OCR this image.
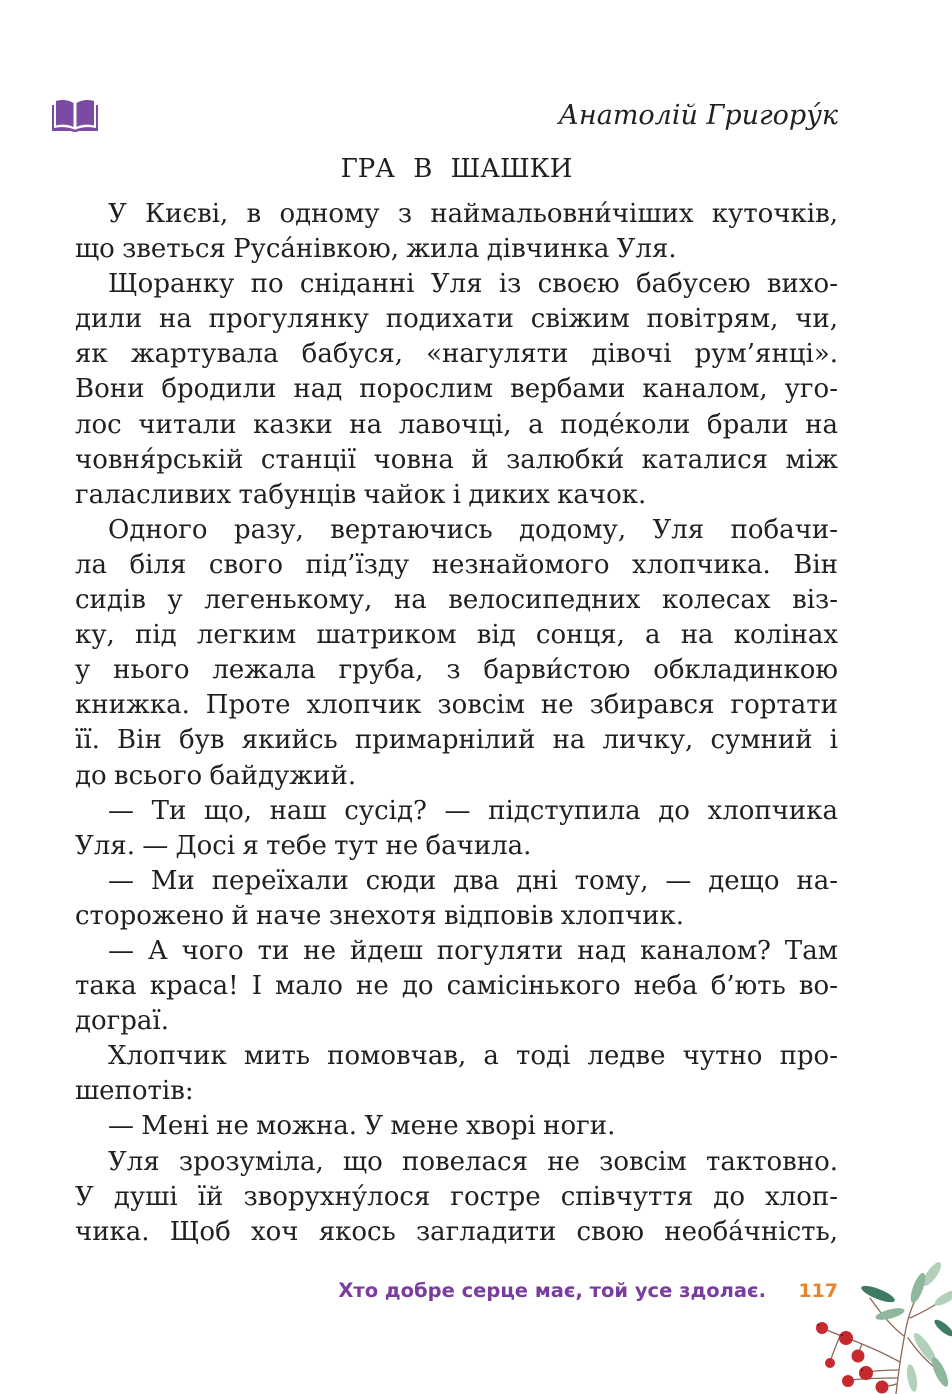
Анатолій Григору́к
ГРА В ШАШКИ
У Києві, в одному з наймальовни́чіших куточків,
що зветься Руса́нівкою, жила дівчинка Уля.
Щоранку по сніданні Уля із своєю бабусею вихо-
дили на прогулянку подихати свіжим повітрям, чи,
як жартувала бабуся, «нагуляти дівочі рум’янці».
Вони бродили над порослим вербами каналом, уго-
лос читали казки на лавочці, а поде́коли брали на
човня́рській станції човна й залюбки́ каталися між
галасливих табунців чайок і диких качок.
Одного разу, вертаючись додому, Уля побачи-
ла біля свого під’їзду незнайомого хлопчика. Він
сидів у легенькому, на велосипедних колесах віз-
ку, під легким шатриком від сонця, а на колінах
у нього лежала груба, з барви́стою обкладинкою
книжка. Проте хлопчик зовсім не збирався гортати
її. Він був якийсь примарнілий на личку, сумний і
до всього байдужий.
— Ти що, наш сусід? — підступила до хлопчика
Уля. — Досі я тебе тут не бачила.
— Ми переїхали сюди два дні тому, — дещо на-
сторожено й наче знехотя відповів хлопчик.
— А чого ти не йдеш погуляти над каналом? Там
така краса! І мало не до самісінького неба б’ють во-
дограї.
Хлопчик мить помовчав, а тоді ледве чутно про-
шепотів:
— Мені не можна. У мене хворі ноги.
Уля зрозуміла, що повелася не зовсім тактовно.
У душі їй зворухну́лося гостре співчуття до хлоп-
чика. Щоб хоч якось загладити свою необа́чність,
Хто добре серце має, той усе здолає. 117
